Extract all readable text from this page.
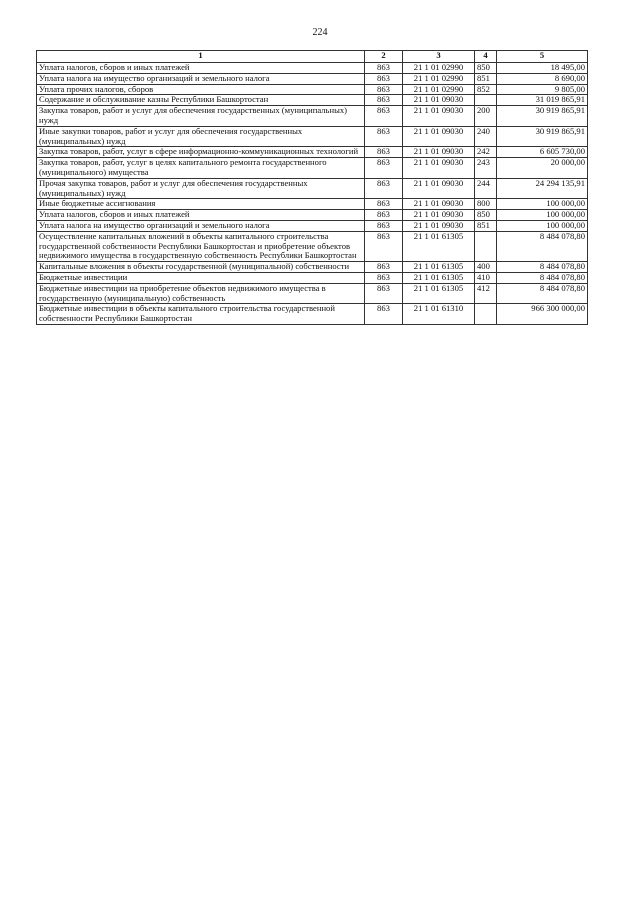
224
1	2	3	4	5
Уплата налогов, сборов и иных платежей	863	21 1 01 02990	850	18 495,00
Уплата налога на имущество организаций и земельного налога	863	21 1 01 02990	851	8 690,00
Уплата прочих налогов, сборов	863	21 1 01 02990	852	9 805,00
Содержание и обслуживание казны Республики Башкортостан	863	21 1 01 09030		31 019 865,91
Закупка товаров, работ и услуг для обеспечения государственных (муниципальных) нужд	863	21 1 01 09030	200	30 919 865,91
Иные закупки товаров, работ и услуг для обеспечения государственных (муниципальных) нужд	863	21 1 01 09030	240	30 919 865,91
Закупка товаров, работ, услуг в сфере информационно-коммуникационных технологий	863	21 1 01 09030	242	6 605 730,00
Закупка товаров, работ, услуг в целях капитального ремонта государственного (муниципального) имущества	863	21 1 01 09030	243	20 000,00
Прочая закупка товаров, работ и услуг для обеспечения государственных (муниципальных) нужд	863	21 1 01 09030	244	24 294 135,91
Иные бюджетные ассигнования	863	21 1 01 09030	800	100 000,00
Уплата налогов, сборов и иных платежей	863	21 1 01 09030	850	100 000,00
Уплата налога на имущество организаций и земельного налога	863	21 1 01 09030	851	100 000,00
Осуществление капитальных вложений в объекты капитального строительства государственной собственности Республики Башкортостан и приобретение объектов недвижимого имущества в государственную собственность Республики Башкортостан	863	21 1 01 61305		8 484 078,80
Капитальные вложения в объекты государственной (муниципальной) собственности	863	21 1 01 61305	400	8 484 078,80
Бюджетные инвестиции	863	21 1 01 61305	410	8 484 078,80
Бюджетные инвестиции на приобретение объектов недвижимого имущества в государственную (муниципальную) собственность	863	21 1 01 61305	412	8 484 078,80
Бюджетные инвестиции в объекты капитального строительства государственной собственности Республики Башкортостан	863	21 1 01 61310		966 300 000,00
